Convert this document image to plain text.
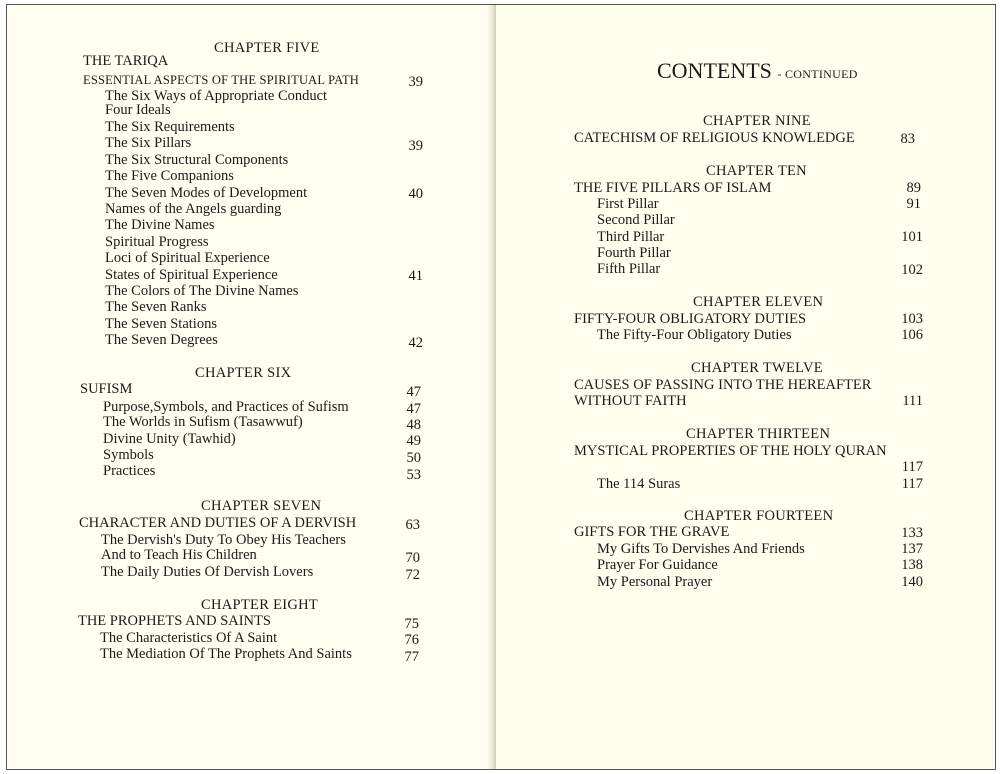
CHAPTER FIVE
THE TARIQA
ESSENTIAL ASPECTS OF THE SPIRITUAL PATH	39
The Six Ways of Appropriate Conduct
Four Ideals
The Six Requirements
The Six Pillars	39
The Six Structural Components
The Five Companions
The Seven Modes of Development	40
Names of the Angels guarding
The Divine Names
Spiritual Progress
Loci of Spiritual Experience
States of Spiritual Experience	41
The Colors of The Divine Names
The Seven Ranks
The Seven Stations
The Seven Degrees	42
CHAPTER SIX
SUFISM	47
Purpose,Symbols, and Practices of Sufism	47
The Worlds in Sufism (Tasawwuf)	48
Divine Unity (Tawhid)	49
Symbols	50
Practices	53
CHAPTER SEVEN
CHARACTER AND DUTIES OF A DERVISH	63
The Dervish's Duty To Obey His Teachers
And to Teach His Children	70
The Daily Duties Of Dervish Lovers	72
CHAPTER EIGHT
THE PROPHETS AND SAINTS	75
The Characteristics Of A Saint	76
The Mediation Of The Prophets And Saints	77
CONTENTS - CONTINUED
CHAPTER NINE
CATECHISM OF RELIGIOUS KNOWLEDGE	83
CHAPTER TEN
THE FIVE PILLARS OF ISLAM	89
First Pillar	91
Second Pillar
Third Pillar	101
Fourth Pillar
Fifth Pillar	102
CHAPTER ELEVEN
FIFTY-FOUR OBLIGATORY DUTIES	103
The Fifty-Four Obligatory Duties	106
CHAPTER TWELVE
CAUSES OF PASSING INTO THE HEREAFTER
WITHOUT FAITH	111
CHAPTER THIRTEEN
MYSTICAL PROPERTIES OF THE HOLY QURAN
117
The 114 Suras	117
CHAPTER FOURTEEN
GIFTS FOR THE GRAVE	133
My Gifts To Dervishes And Friends	137
Prayer For Guidance	138
My Personal Prayer	140
